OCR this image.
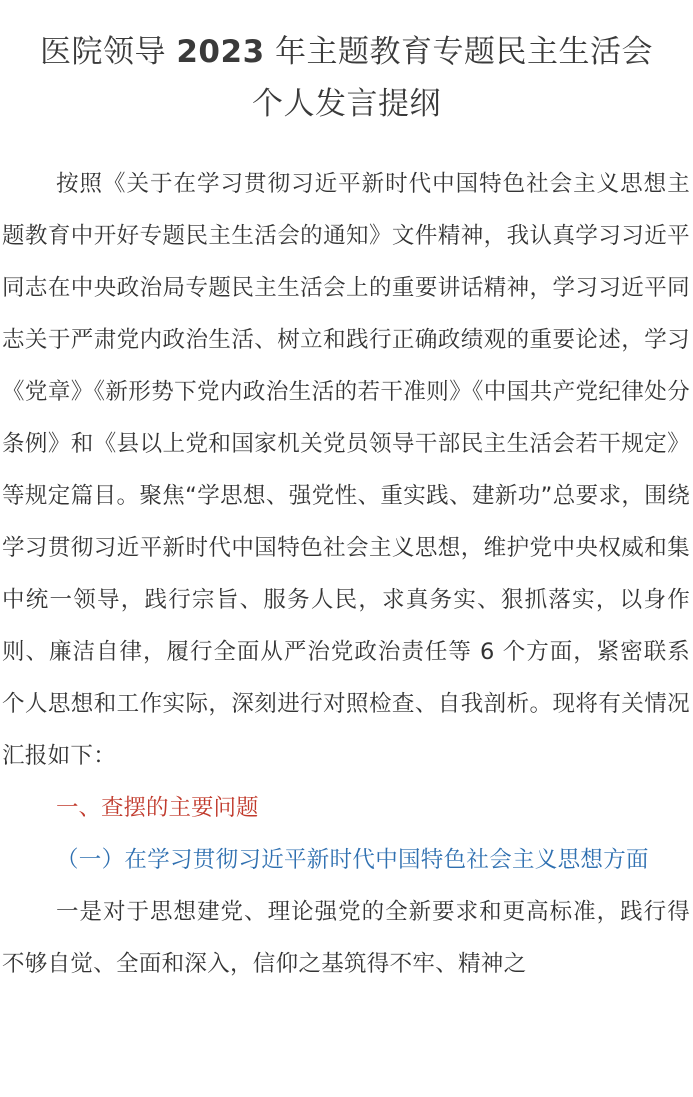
医院领导 2023 年主题教育专题民主生活会
个人发言提纲

按照《关于在学习贯彻习近平新时代中国特色社会主义思想主题教育中开好专题民主生活会的通知》文件精神，我认真学习习近平同志在中央政治局专题民主生活会上的重要讲话精神，学习习近平同志关于严肃党内政治生活、树立和践行正确政绩观的重要论述，学习《党章》《新形势下党内政治生活的若干准则》《中国共产党纪律处分条例》和《县以上党和国家机关党员领导干部民主生活会若干规定》等规定篇目。聚焦“学思想、强党性、重实践、建新功”总要求，围绕学习贯彻习近平新时代中国特色社会主义思想，维护党中央权威和集中统一领导，践行宗旨、服务人民，求真务实、狠抓落实，以身作则、廉洁自律，履行全面从严治党政治责任等 6 个方面，紧密联系个人思想和工作实际，深刻进行对照检查、自我剖析。现将有关情况汇报如下：

一、查摆的主要问题

（一）在学习贯彻习近平新时代中国特色社会主义思想方面

一是对于思想建党、理论强党的全新要求和更高标准，践行得不够自觉、全面和深入，信仰之基筑得不牢、精神之
